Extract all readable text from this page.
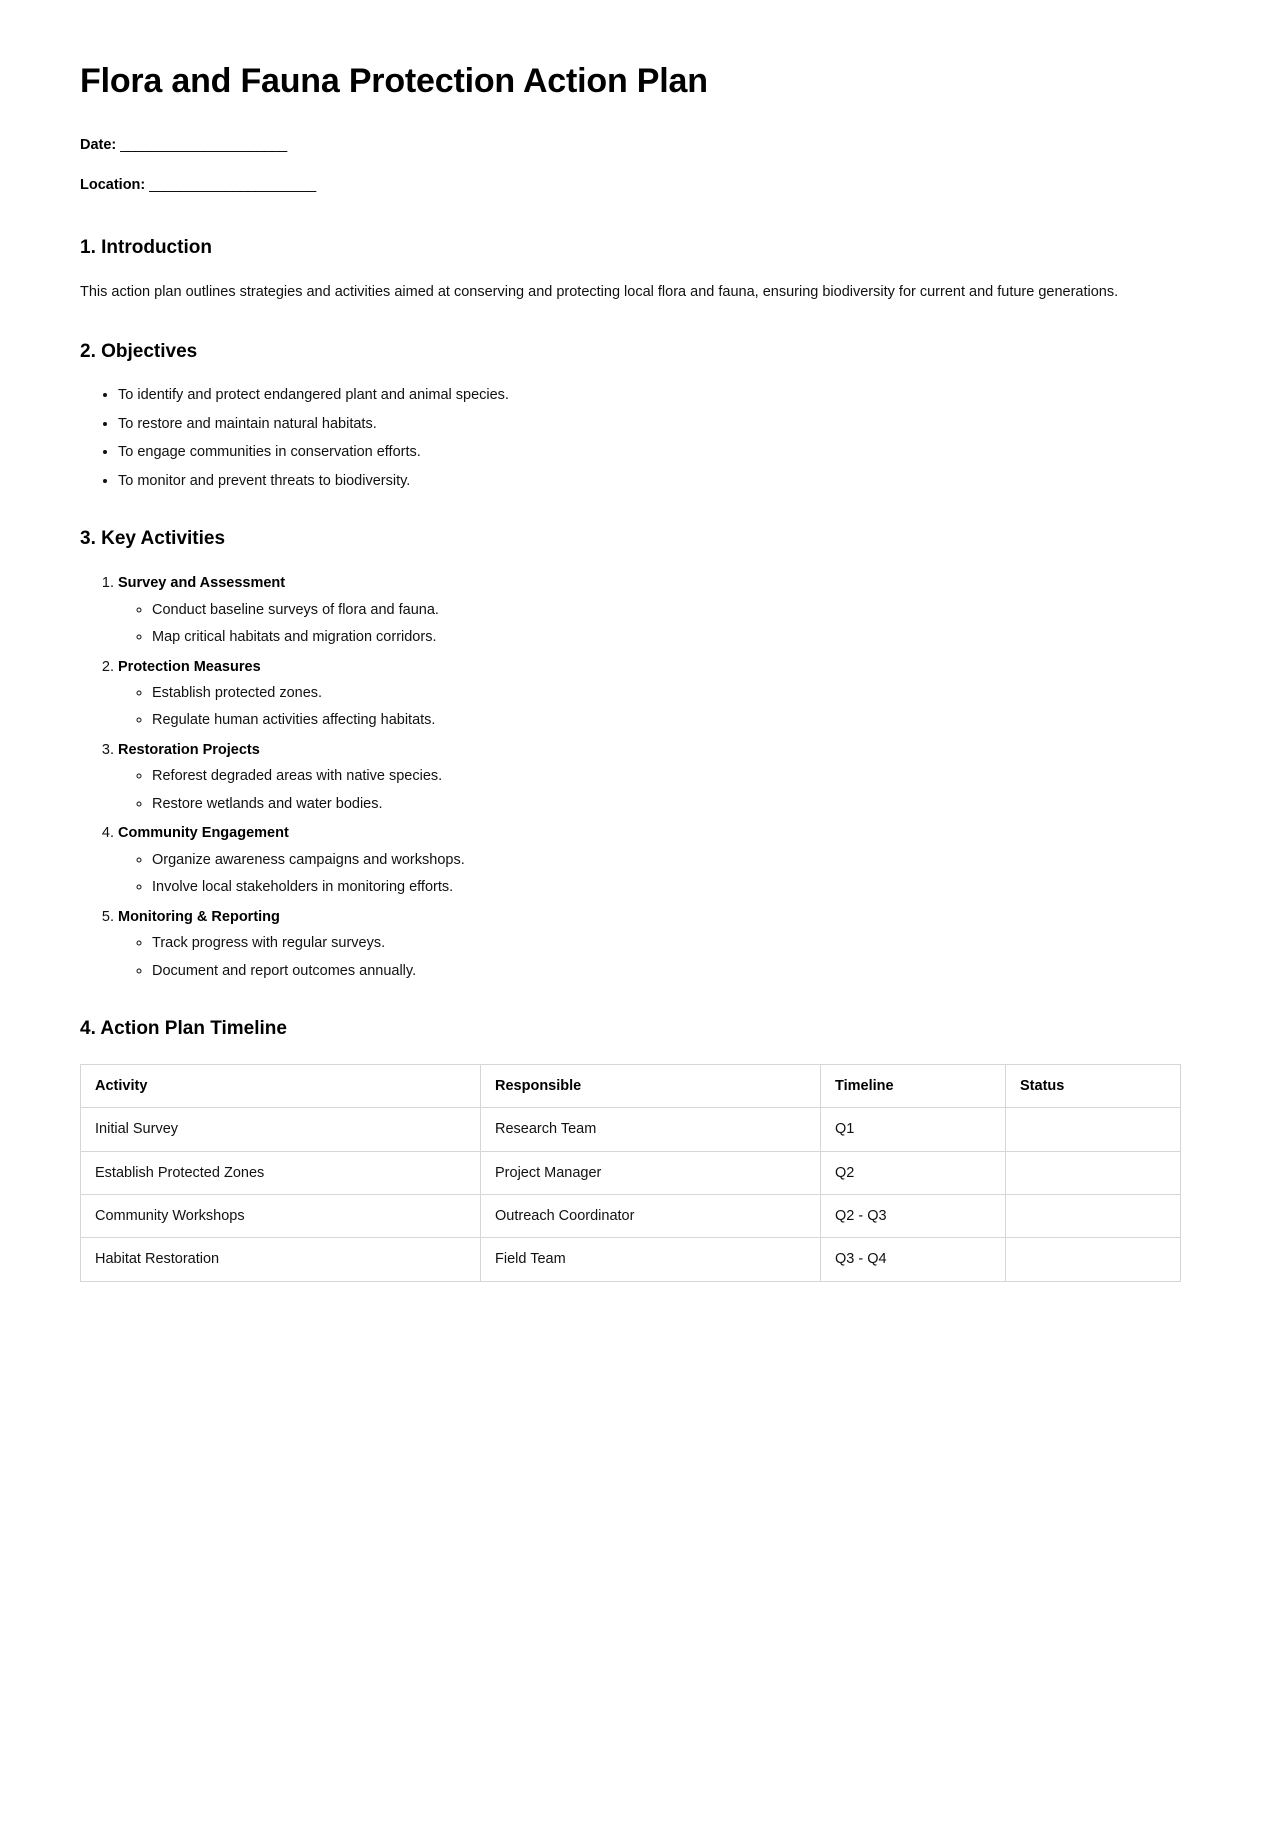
Flora and Fauna Protection Action Plan
Date: ______________________
Location: ______________________
1. Introduction

This action plan outlines strategies and activities aimed at conserving and protecting local flora and fauna, ensuring biodiversity for current and future generations.

2. Objectives
• To identify and protect endangered plant and animal species.
• To restore and maintain natural habitats.
• To engage communities in conservation efforts.
• To monitor and prevent threats to biodiversity.
3. Key Activities
1. Survey and Assessment
◦ Conduct baseline surveys of flora and fauna.
◦ Map critical habitats and migration corridors.
2. Protection Measures
◦ Establish protected zones.
◦ Regulate human activities affecting habitats.
3. Restoration Projects
◦ Reforest degraded areas with native species.
◦ Restore wetlands and water bodies.
4. Community Engagement
◦ Organize awareness campaigns and workshops.
◦ Involve local stakeholders in monitoring efforts.
5. Monitoring & Reporting
◦ Track progress with regular surveys.
◦ Document and report outcomes annually.
4. Action Plan Timeline
Activity	Responsible	Timeline	Status
Initial Survey	Research Team	Q1	
Establish Protected Zones	Project Manager	Q2	
Community Workshops	Outreach Coordinator	Q2 - Q3	
Habitat Restoration	Field Team	Q3 - Q4	
